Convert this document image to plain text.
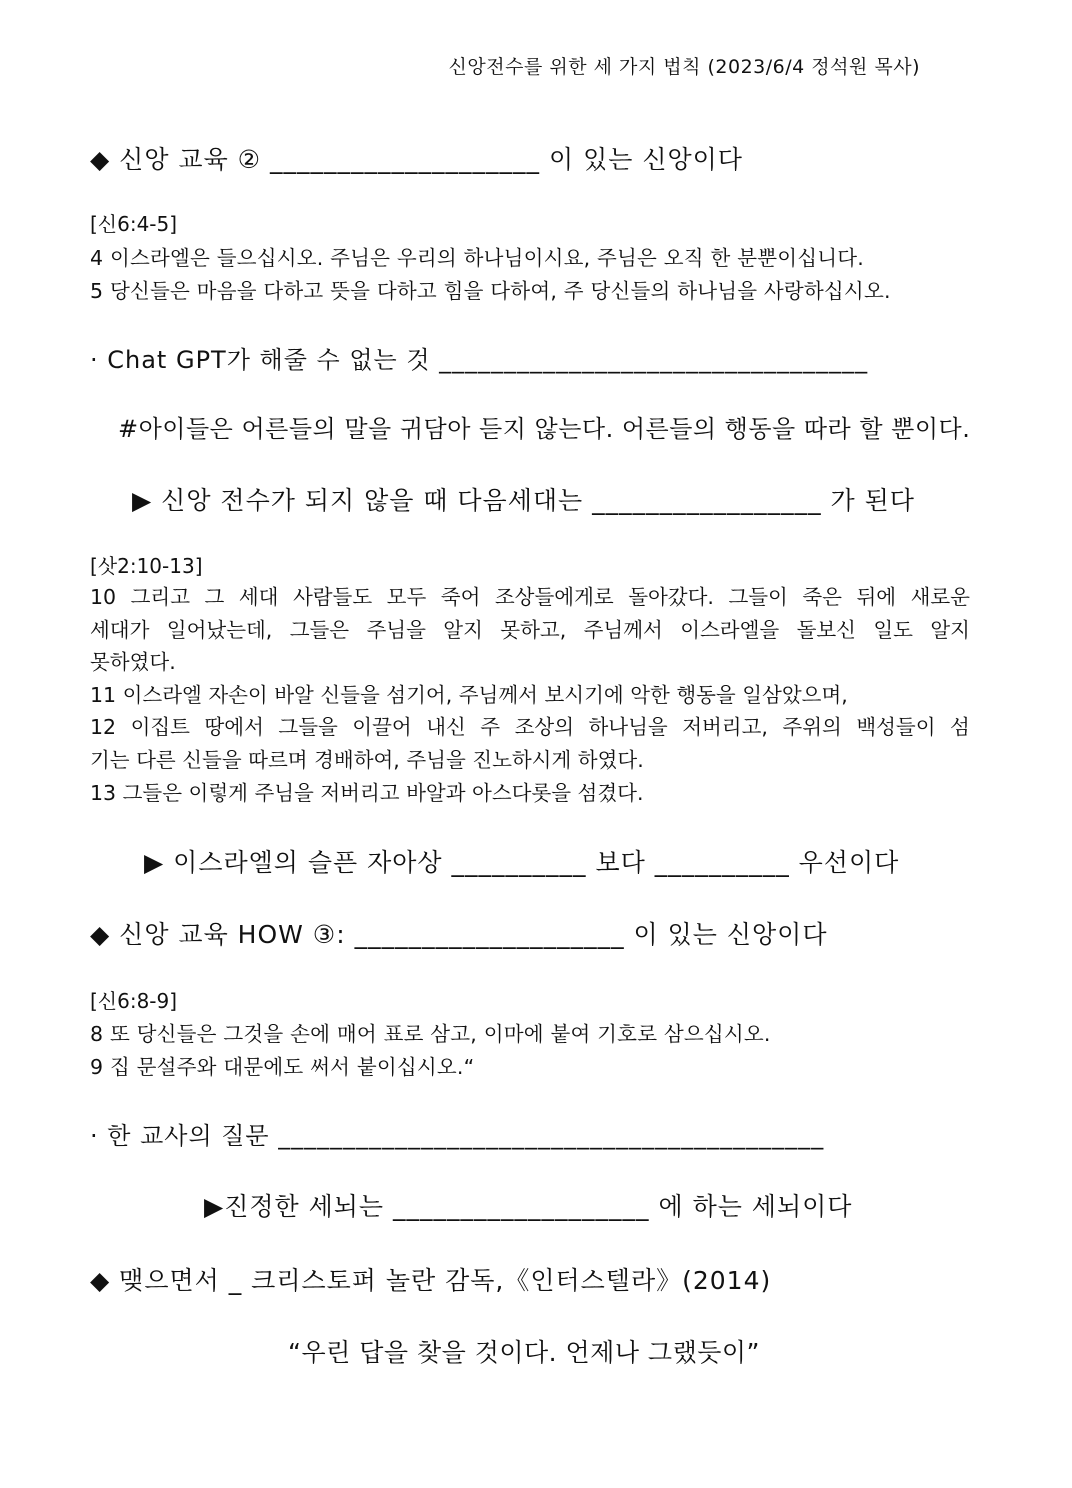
신앙전수를 위한 세 가지 법칙 (2023/6/4 정석원 목사)
◆ 신앙 교육 ② ____________________ 이 있는 신앙이다
[신6:4-5]
4 이스라엘은 들으십시오. 주님은 우리의 하나님이시요, 주님은 오직 한 분뿐이십니다.
5 당신들은 마음을 다하고 뜻을 다하고 힘을 다하여, 주 당신들의 하나님을 사랑하십시오.
· Chat GPT가 해줄 수 없는 것 _________________________________
#아이들은 어른들의 말을 귀담아 듣지 않는다. 어른들의 행동을 따라 할 뿐이다.
▶ 신앙 전수가 되지 않을 때 다음세대는 _________________ 가 된다
[삿2:10-13]
10 그리고 그 세대 사람들도 모두 죽어 조상들에게로 돌아갔다. 그들이 죽은 뒤에 새로운
세대가 일어났는데, 그들은 주님을 알지 못하고, 주님께서 이스라엘을 돌보신 일도 알지
못하였다.
11 이스라엘 자손이 바알 신들을 섬기어, 주님께서 보시기에 악한 행동을 일삼았으며,
12 이집트 땅에서 그들을 이끌어 내신 주 조상의 하나님을 저버리고, 주위의 백성들이 섬
기는 다른 신들을 따르며 경배하여, 주님을 진노하시게 하였다.
13 그들은 이렇게 주님을 저버리고 바알과 아스다롯을 섬겼다.
▶ 이스라엘의 슬픈 자아상 __________ 보다 __________ 우선이다
◆ 신앙 교육 HOW ③: ____________________ 이 있는 신앙이다
[신6:8-9]
8 또 당신들은 그것을 손에 매어 표로 삼고, 이마에 붙여 기호로 삼으십시오.
9 집 문설주와 대문에도 써서 붙이십시오.“
· 한 교사의 질문 __________________________________________
▶진정한 세뇌는 ___________________ 에 하는 세뇌이다
◆ 맺으면서 _ 크리스토퍼 놀란 감독,《인터스텔라》(2014)
“우린 답을 찾을 것이다. 언제나 그랬듯이”
